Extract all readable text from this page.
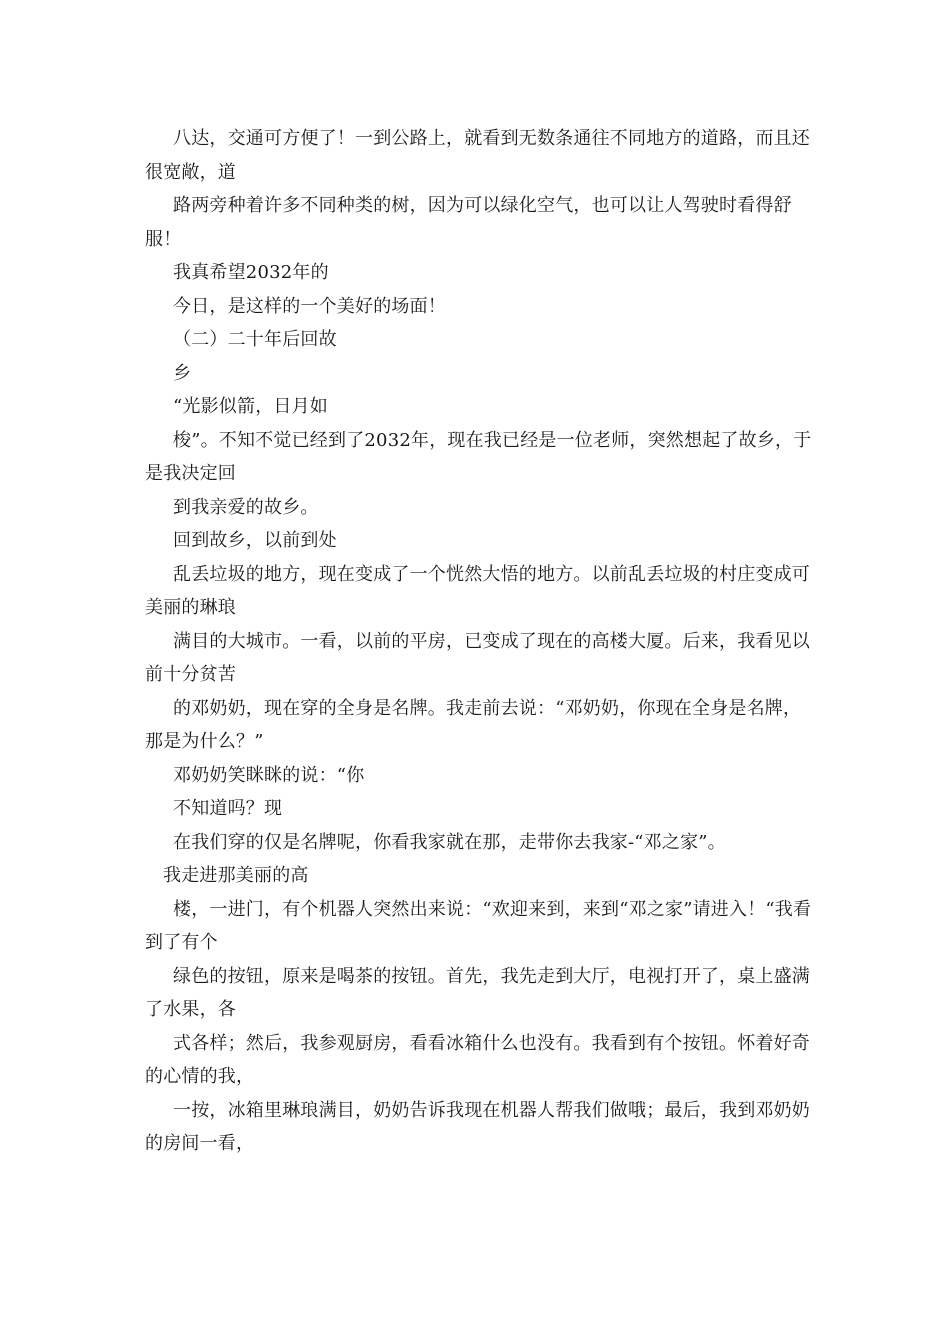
八达，交通可方便了！一到公路上，就看到无数条通往不同地方的道路，而且还很宽敞，道

路两旁种着许多不同种类的树，因为可以绿化空气，也可以让人驾驶时看得舒服！

我真希望2032年的

今日，是这样的一个美好的场面！

（二）二十年后回故

乡

“光影似箭，日月如

梭”。不知不觉已经到了2032年，现在我已经是一位老师，突然想起了故乡，于是我决定回

到我亲爱的故乡。

回到故乡，以前到处

乱丢垃圾的地方，现在变成了一个恍然大悟的地方。以前乱丢垃圾的村庄变成可美丽的琳琅

满目的大城市。一看，以前的平房，已变成了现在的高楼大厦。后来，我看见以前十分贫苦

的邓奶奶，现在穿的全身是名牌。我走前去说：“邓奶奶，你现在全身是名牌，那是为什么？”

邓奶奶笑眯眯的说：“你

不知道吗？现

在我们穿的仅是名牌呢，你看我家就在那，走带你去我家-“邓之家”。

我走进那美丽的高

楼，一进门，有个机器人突然出来说：“欢迎来到，来到“邓之家”请进入！“我看到了有个

绿色的按钮，原来是喝茶的按钮。首先，我先走到大厅，电视打开了，桌上盛满了水果，各

式各样；然后，我参观厨房，看看冰箱什么也没有。我看到有个按钮。怀着好奇的心情的我，

一按，冰箱里琳琅满目，奶奶告诉我现在机器人帮我们做哦；最后，我到邓奶奶的房间一看，
